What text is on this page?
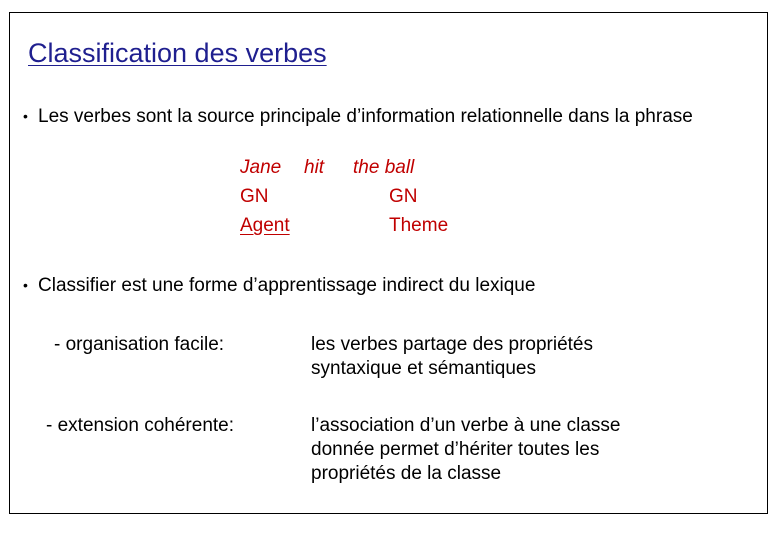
Classification des verbes
• Les verbes sont la source principale d’information relationnelle dans la phrase
Jane hit the ball
GN	GN
Agent	Theme
• Classifier est une forme d’apprentissage indirect du lexique
- organisation facile:	les verbes partage des propriétés
syntaxique et sémantiques
- extension cohérente:	l’association d’un verbe à une classe
donnée permet d’hériter toutes les
propriétés de la classe
